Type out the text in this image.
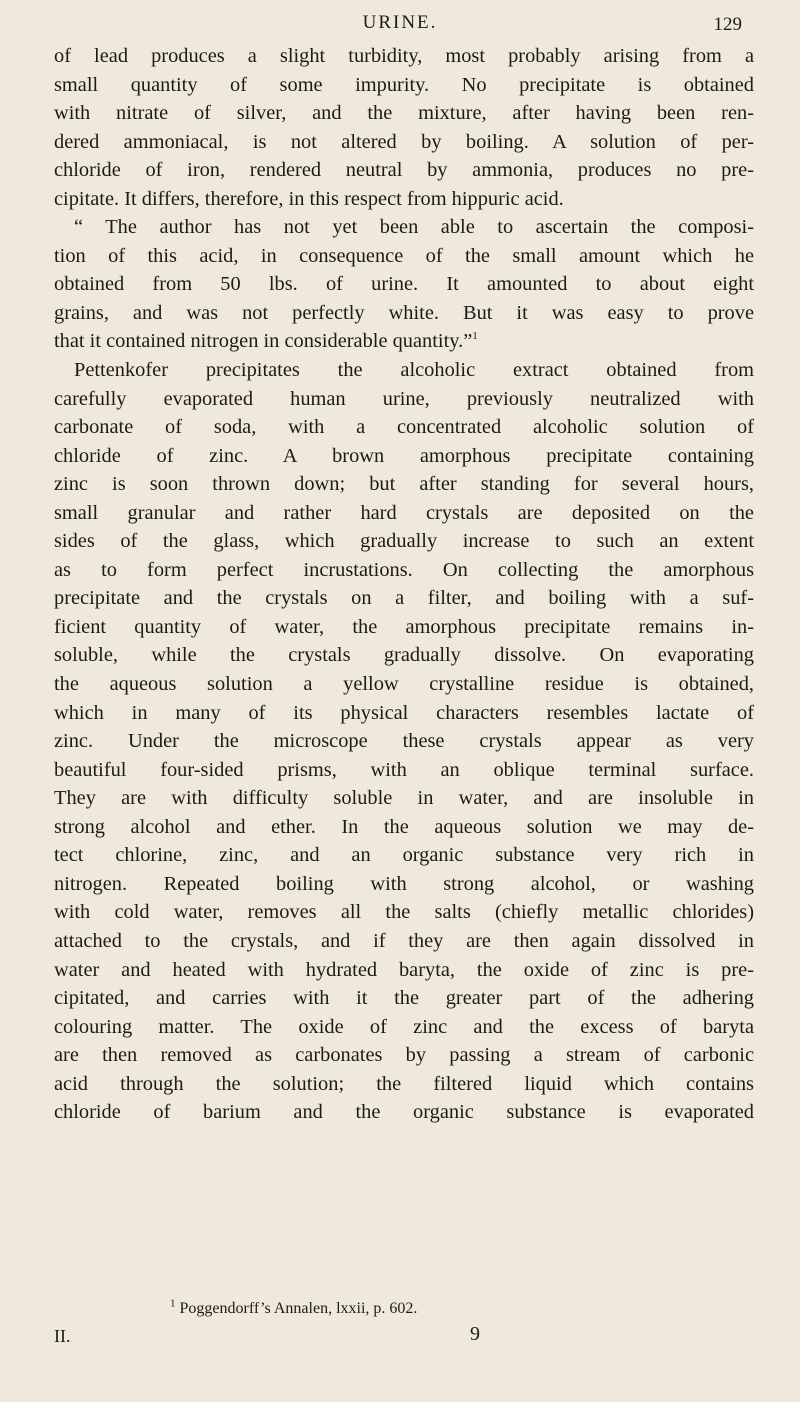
URINE.	129
of lead produces a slight turbidity, most probably arising from a
small quantity of some impurity. No precipitate is obtained
with nitrate of silver, and the mixture, after having been ren-
dered ammoniacal, is not altered by boiling. A solution of per-
chloride of iron, rendered neutral by ammonia, produces no pre-
cipitate. It differs, therefore, in this respect from hippuric acid.
“ The author has not yet been able to ascertain the composi-
tion of this acid, in consequence of the small amount which he
obtained from 50 lbs. of urine. It amounted to about eight
grains, and was not perfectly white. But it was easy to prove
that it contained nitrogen in considerable quantity.”$^1$
Pettenkofer precipitates the alcoholic extract obtained from
carefully evaporated human urine, previously neutralized with
carbonate of soda, with a concentrated alcoholic solution of
chloride of zinc. A brown amorphous precipitate containing
zinc is soon thrown down; but after standing for several hours,
small granular and rather hard crystals are deposited on the
sides of the glass, which gradually increase to such an extent
as to form perfect incrustations. On collecting the amorphous
precipitate and the crystals on a filter, and boiling with a suf-
ficient quantity of water, the amorphous precipitate remains in-
soluble, while the crystals gradually dissolve. On evaporating
the aqueous solution a yellow crystalline residue is obtained,
which in many of its physical characters resembles lactate of
zinc. Under the microscope these crystals appear as very
beautiful four-sided prisms, with an oblique terminal surface.
They are with difficulty soluble in water, and are insoluble in
strong alcohol and ether. In the aqueous solution we may de-
tect chlorine, zinc, and an organic substance very rich in
nitrogen. Repeated boiling with strong alcohol, or washing
with cold water, removes all the salts (chiefly metallic chlorides)
attached to the crystals, and if they are then again dissolved in
water and heated with hydrated baryta, the oxide of zinc is pre-
cipitated, and carries with it the greater part of the adhering
colouring matter. The oxide of zinc and the excess of baryta
are then removed as carbonates by passing a stream of carbonic
acid through the solution; the filtered liquid which contains
chloride of barium and the organic substance is evaporated
$^1$ Poggendorff’s Annalen, lxxii, p. 602.
II.	9
